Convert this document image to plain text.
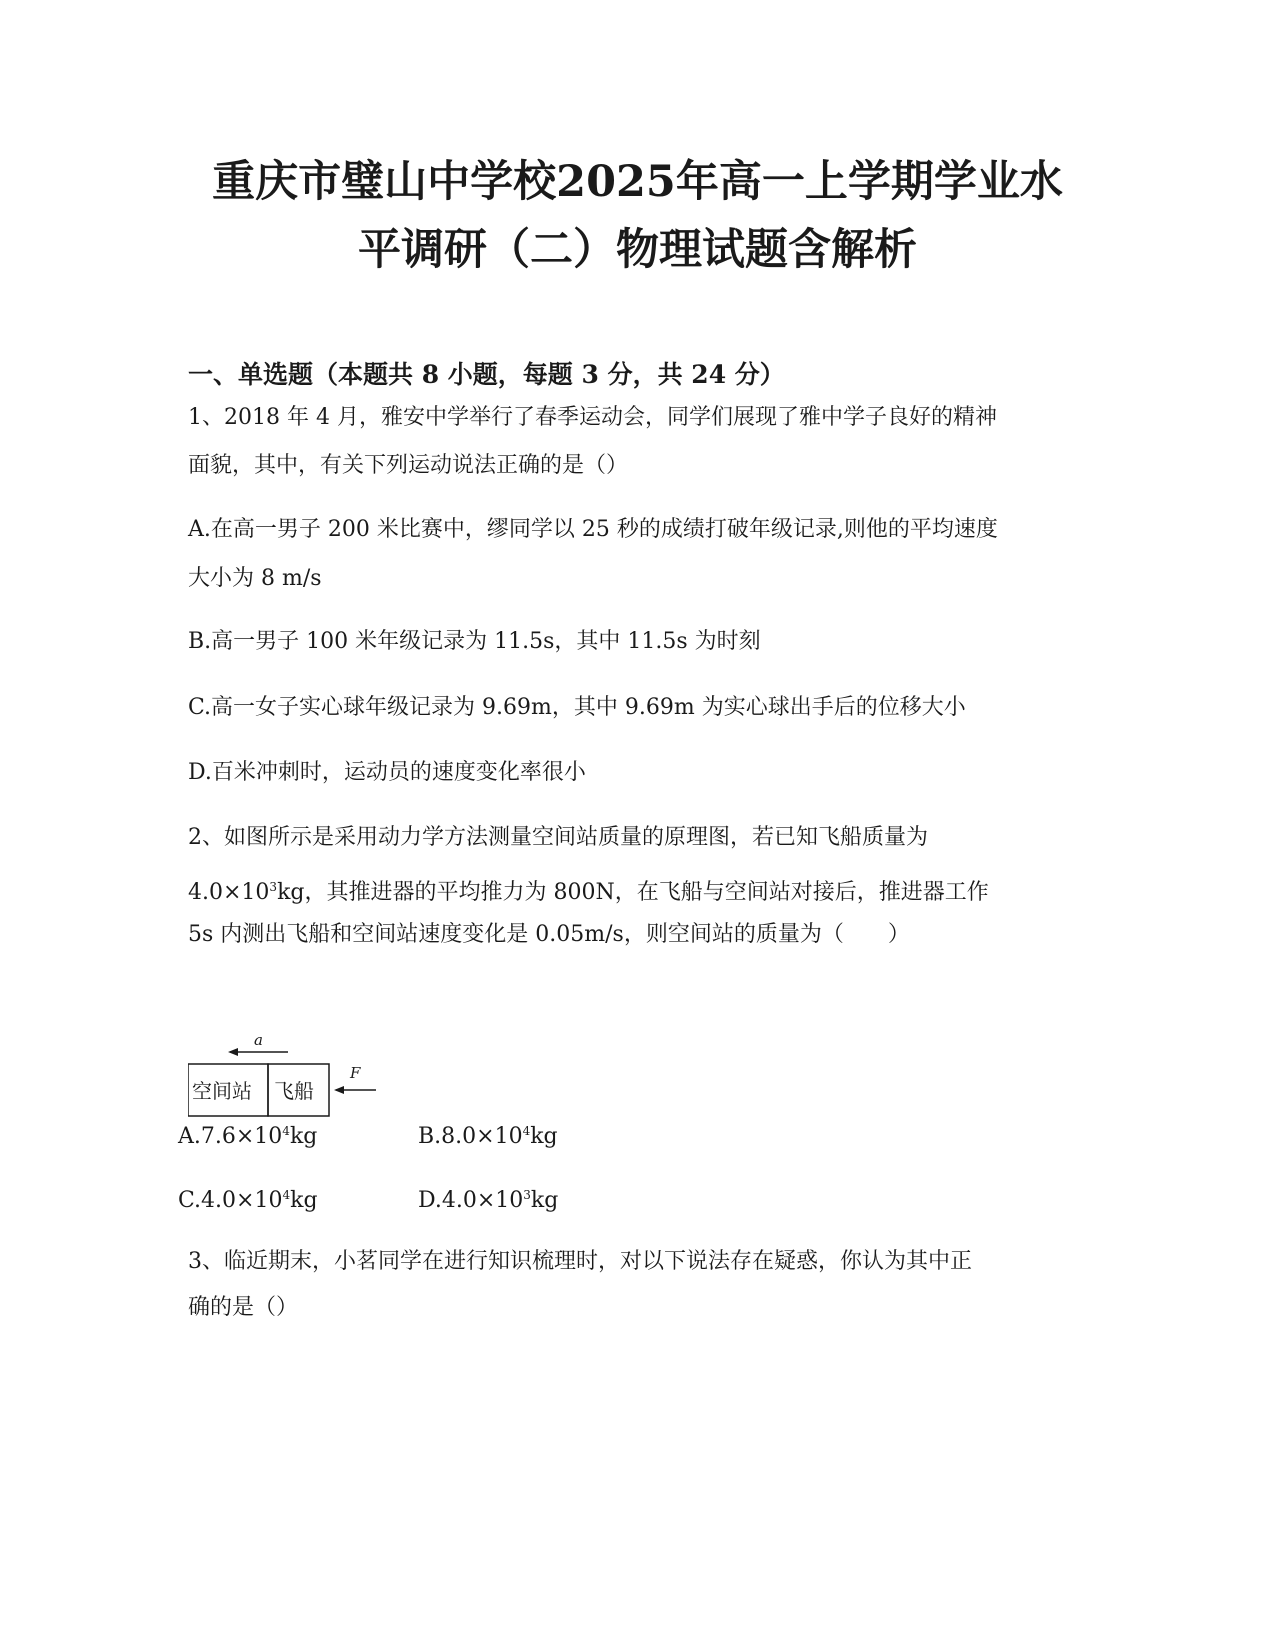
重庆市璧山中学校2025年高一上学期学业水
平调研（二）物理试题含解析
一、单选题（本题共 8 小题，每题 3 分，共 24 分）
1、2018 年 4 月，雅安中学举行了春季运动会，同学们展现了雅中学子良好的精神
面貌，其中，有关下列运动说法正确的是（）
A.在高一男子 200 米比赛中，缪同学以 25 秒的成绩打破年级记录,则他的平均速度
大小为 8 m/s
B.高一男子 100 米年级记录为 11.5s，其中 11.5s 为时刻
C.高一女子实心球年级记录为 9.69m，其中 9.69m 为实心球出手后的位移大小
D.百米冲刺时，运动员的速度变化率很小
2、如图所示是采用动力学方法测量空间站质量的原理图，若已知飞船质量为
$4.0\times 10^3kg$，其推进器的平均推力为 800N，在飞船与空间站对接后，推进器工作
5s 内测出飞船和空间站速度变化是 0.05m/s，则空间站的质量为（　　）
a
空间站 飞船
F
$A.7.6\times 10^4kg$	$B.8.0\times 10^4kg$
$C.4.0\times 10^4kg$	$D.4.0\times 10^3kg$
3、临近期末，小茗同学在进行知识梳理时，对以下说法存在疑惑，你认为其中正
确的是（）
